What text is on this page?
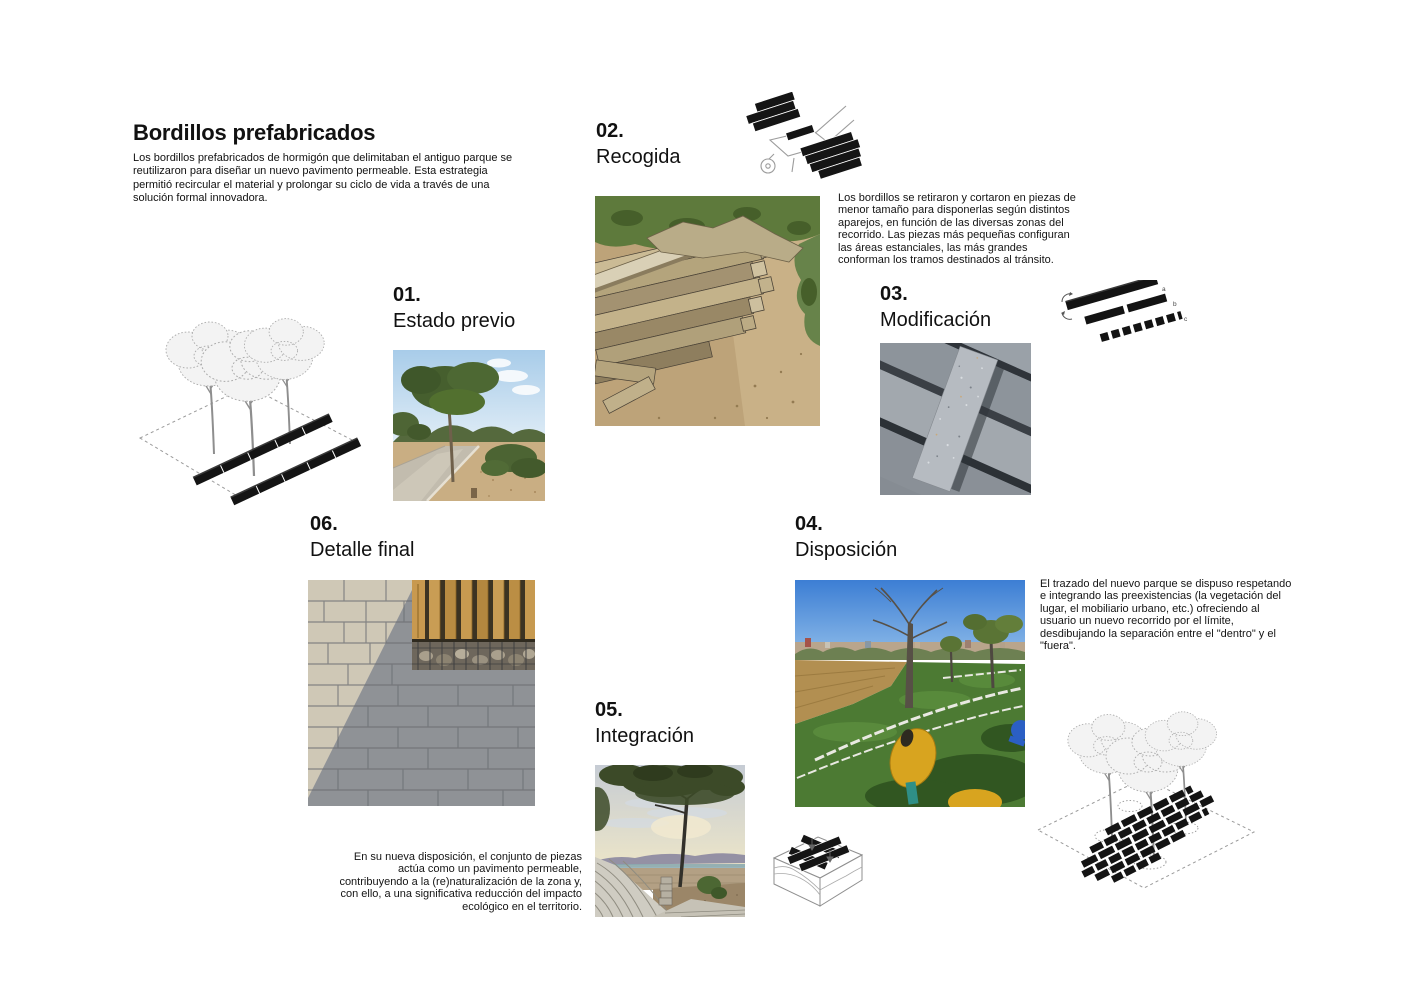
Bordillos prefabricados

Los bordillos prefabricados de hormigón que delimitaban el antiguo parque se reutilizaron para diseñar un nuevo pavimento permeable. Esta estrategia permitió recircular el material y prolongar su ciclo de vida a través de una solución formal innovadora.

01.
Estado previo
02.
Recogida
03.
Modificación
04.
Disposición
05.
Integración
06.
Detalle final

Los bordillos se retiraron y cortaron en piezas de menor tamaño para disponerlas según distintos aparejos, en función de las diversas zonas del recorrido. Las piezas más pequeñas configuran las áreas estanciales, las más grandes conforman los tramos destinados al tránsito.

El trazado del nuevo parque se dispuso respetando e integrando las preexistencias (la vegetación del lugar, el mobiliario urbano, etc.) ofreciendo al usuario un nuevo recorrido por el límite, desdibujando la separación entre el "dentro" y el "fuera".

En su nueva disposición, el conjunto de piezas actúa como un pavimento permeable, contribuyendo a la (re)naturalización de la zona y, con ello, a una significativa reducción del impacto ecológico en el territorio.

a
b
c
